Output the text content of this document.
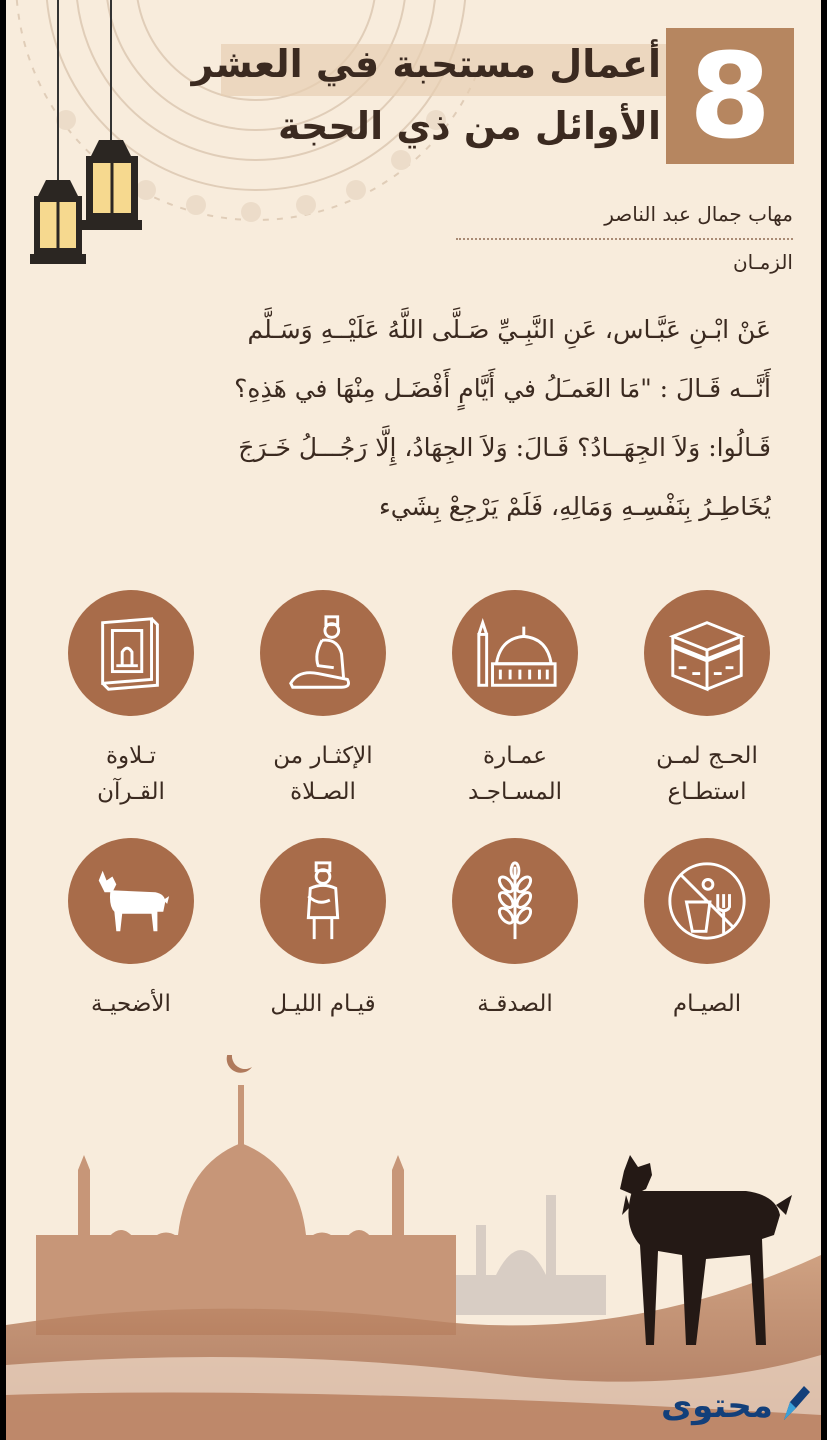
8
أعمال مستحبة في العشر
الأوائل من ذي الحجة
مهاب جمال عبد الناصر
الزمـان
عَنْ ابْـنِ عَبَّـاس، عَنِ النَّبِـيِّ صَـلَّى اللَّهُ عَلَيْــهِ وَسَـلَّم
أَنَّــه قَـالَ : "مَا العَمـَلُ في أَيَّامٍ أَفْضَـل مِنْهَا في هَذِهِ؟
قَـالُوا: وَلاَ الجِهَــادُ؟ قَـالَ: وَلاَ الجِهَادُ، إِلَّا رَجُـــلُ خَـرَجَ
يُخَاطِـرُ بِنَفْسِـهِ وَمَالِهِ، فَلَمْ يَرْجِعْ بِشَيء
الحـج لمـن
استطـاع
عمـارة
المسـاجـد
الإكثـار من
الصـلاة
تـلاوة
القـرآن
الصيـام
الصدقـة
قيـام الليـل
الأضحيـة
محتوى
